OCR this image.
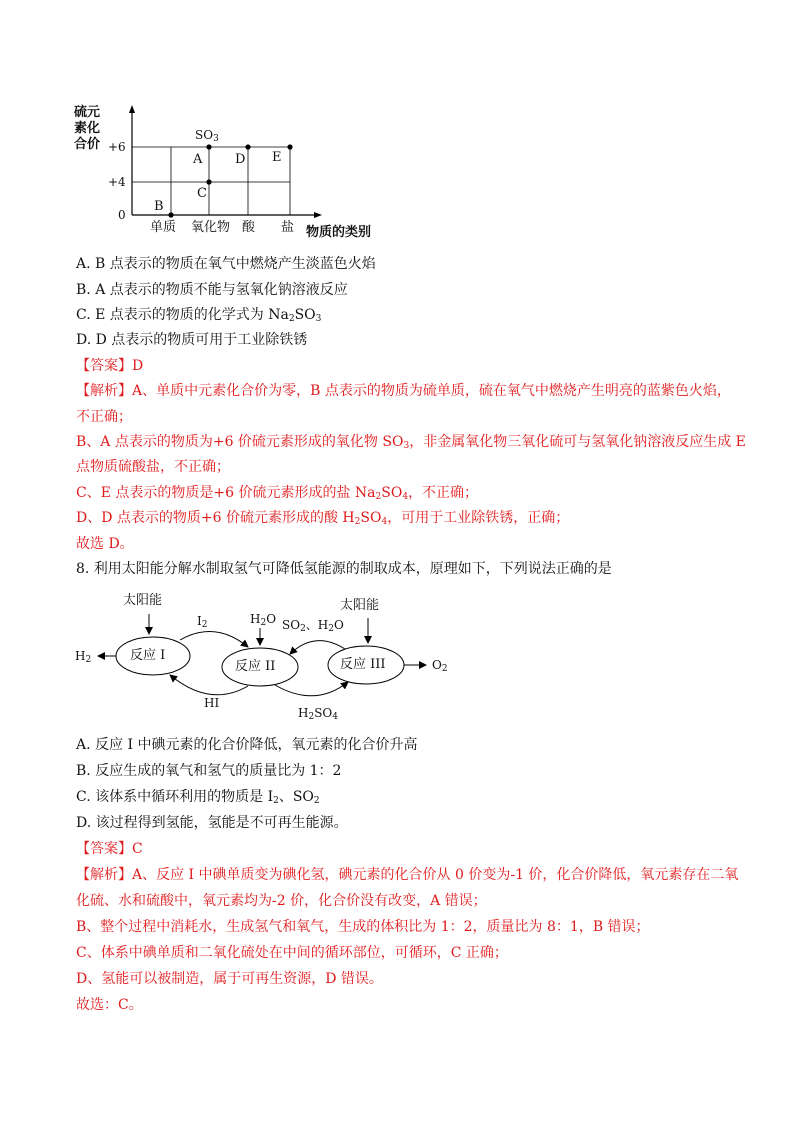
硫元
素化
合价 +6
+4
0
$SO_3$
A
C
D E
B
单质 氧化物 酸 盐 物质的类别
A. B 点表示的物质在氧气中燃烧产生淡蓝色火焰
B. A 点表示的物质不能与氢氧化钠溶液反应
C. E 点表示的物质的化学式为 $Na_2SO_3$
D. D 点表示的物质可用于工业除铁锈
【答案】D
【解析】A、单质中元素化合价为零，B 点表示的物质为硫单质，硫在氧气中燃烧产生明亮的蓝紫色火焰，
不正确；
B、A 点表示的物质为+6 价硫元素形成的氧化物 $SO_3$，非金属氧化物三氧化硫可与氢氧化钠溶液反应生成 E
点物质硫酸盐，不正确；
C、E 点表示的物质是+6 价硫元素形成的盐 $Na_2SO_4$，不正确；
D、D 点表示的物质+6 价硫元素形成的酸 $H_2SO_4$，可用于工业除铁锈，正确；
故选 D。
8. 利用太阳能分解水制取氢气可降低氢能源的制取成本，原理如下，下列说法正确的是
太阳能	太阳能
反应 I
反应 II	反应 III
$I_2$	$H_2O$ $SO_2$、$H_2O$
$H_2$	$O_2$
HI
$H_2SO_4$
A. 反应 I 中碘元素的化合价降低，氧元素的化合价升高
B. 反应生成的氧气和氢气的质量比为 1：2
C. 该体系中循环利用的物质是 $I_2$、$SO_2$
D. 该过程得到氢能，氢能是不可再生能源。
【答案】C
【解析】A、反应 I 中碘单质变为碘化氢，碘元素的化合价从 0 价变为-1 价，化合价降低，氧元素存在二氧
化硫、水和硫酸中，氧元素均为-2 价，化合价没有改变，A 错误；
B、整个过程中消耗水，生成氢气和氧气，生成的体积比为 1：2，质量比为 8：1，B 错误；
C、体系中碘单质和二氧化硫处在中间的循环部位，可循环，C 正确；
D、氢能可以被制造，属于可再生资源，D 错误。
故选：C。
